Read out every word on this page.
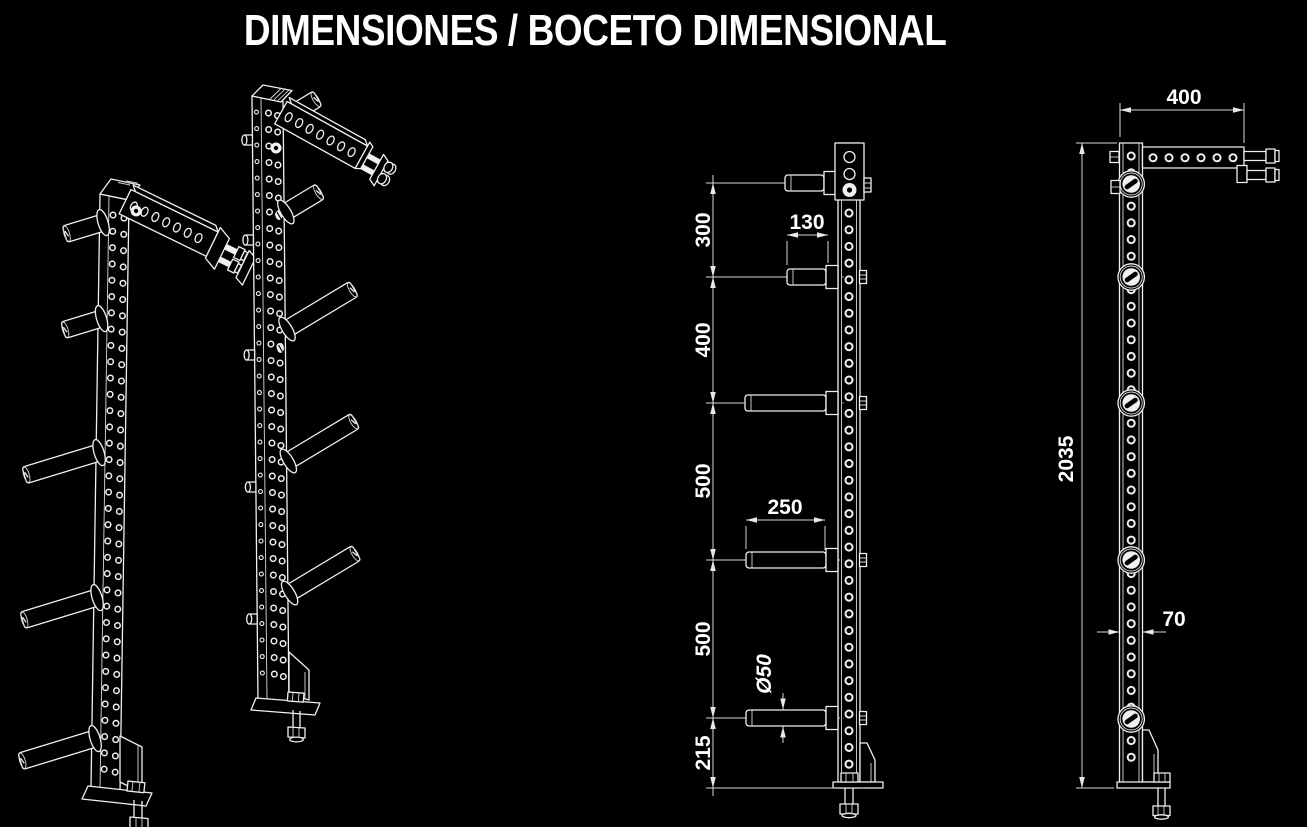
DIMENSIONES / BOCETO DIMENSIONAL
300
400
500
500
215
130
250
Ø50
400
2035
70
